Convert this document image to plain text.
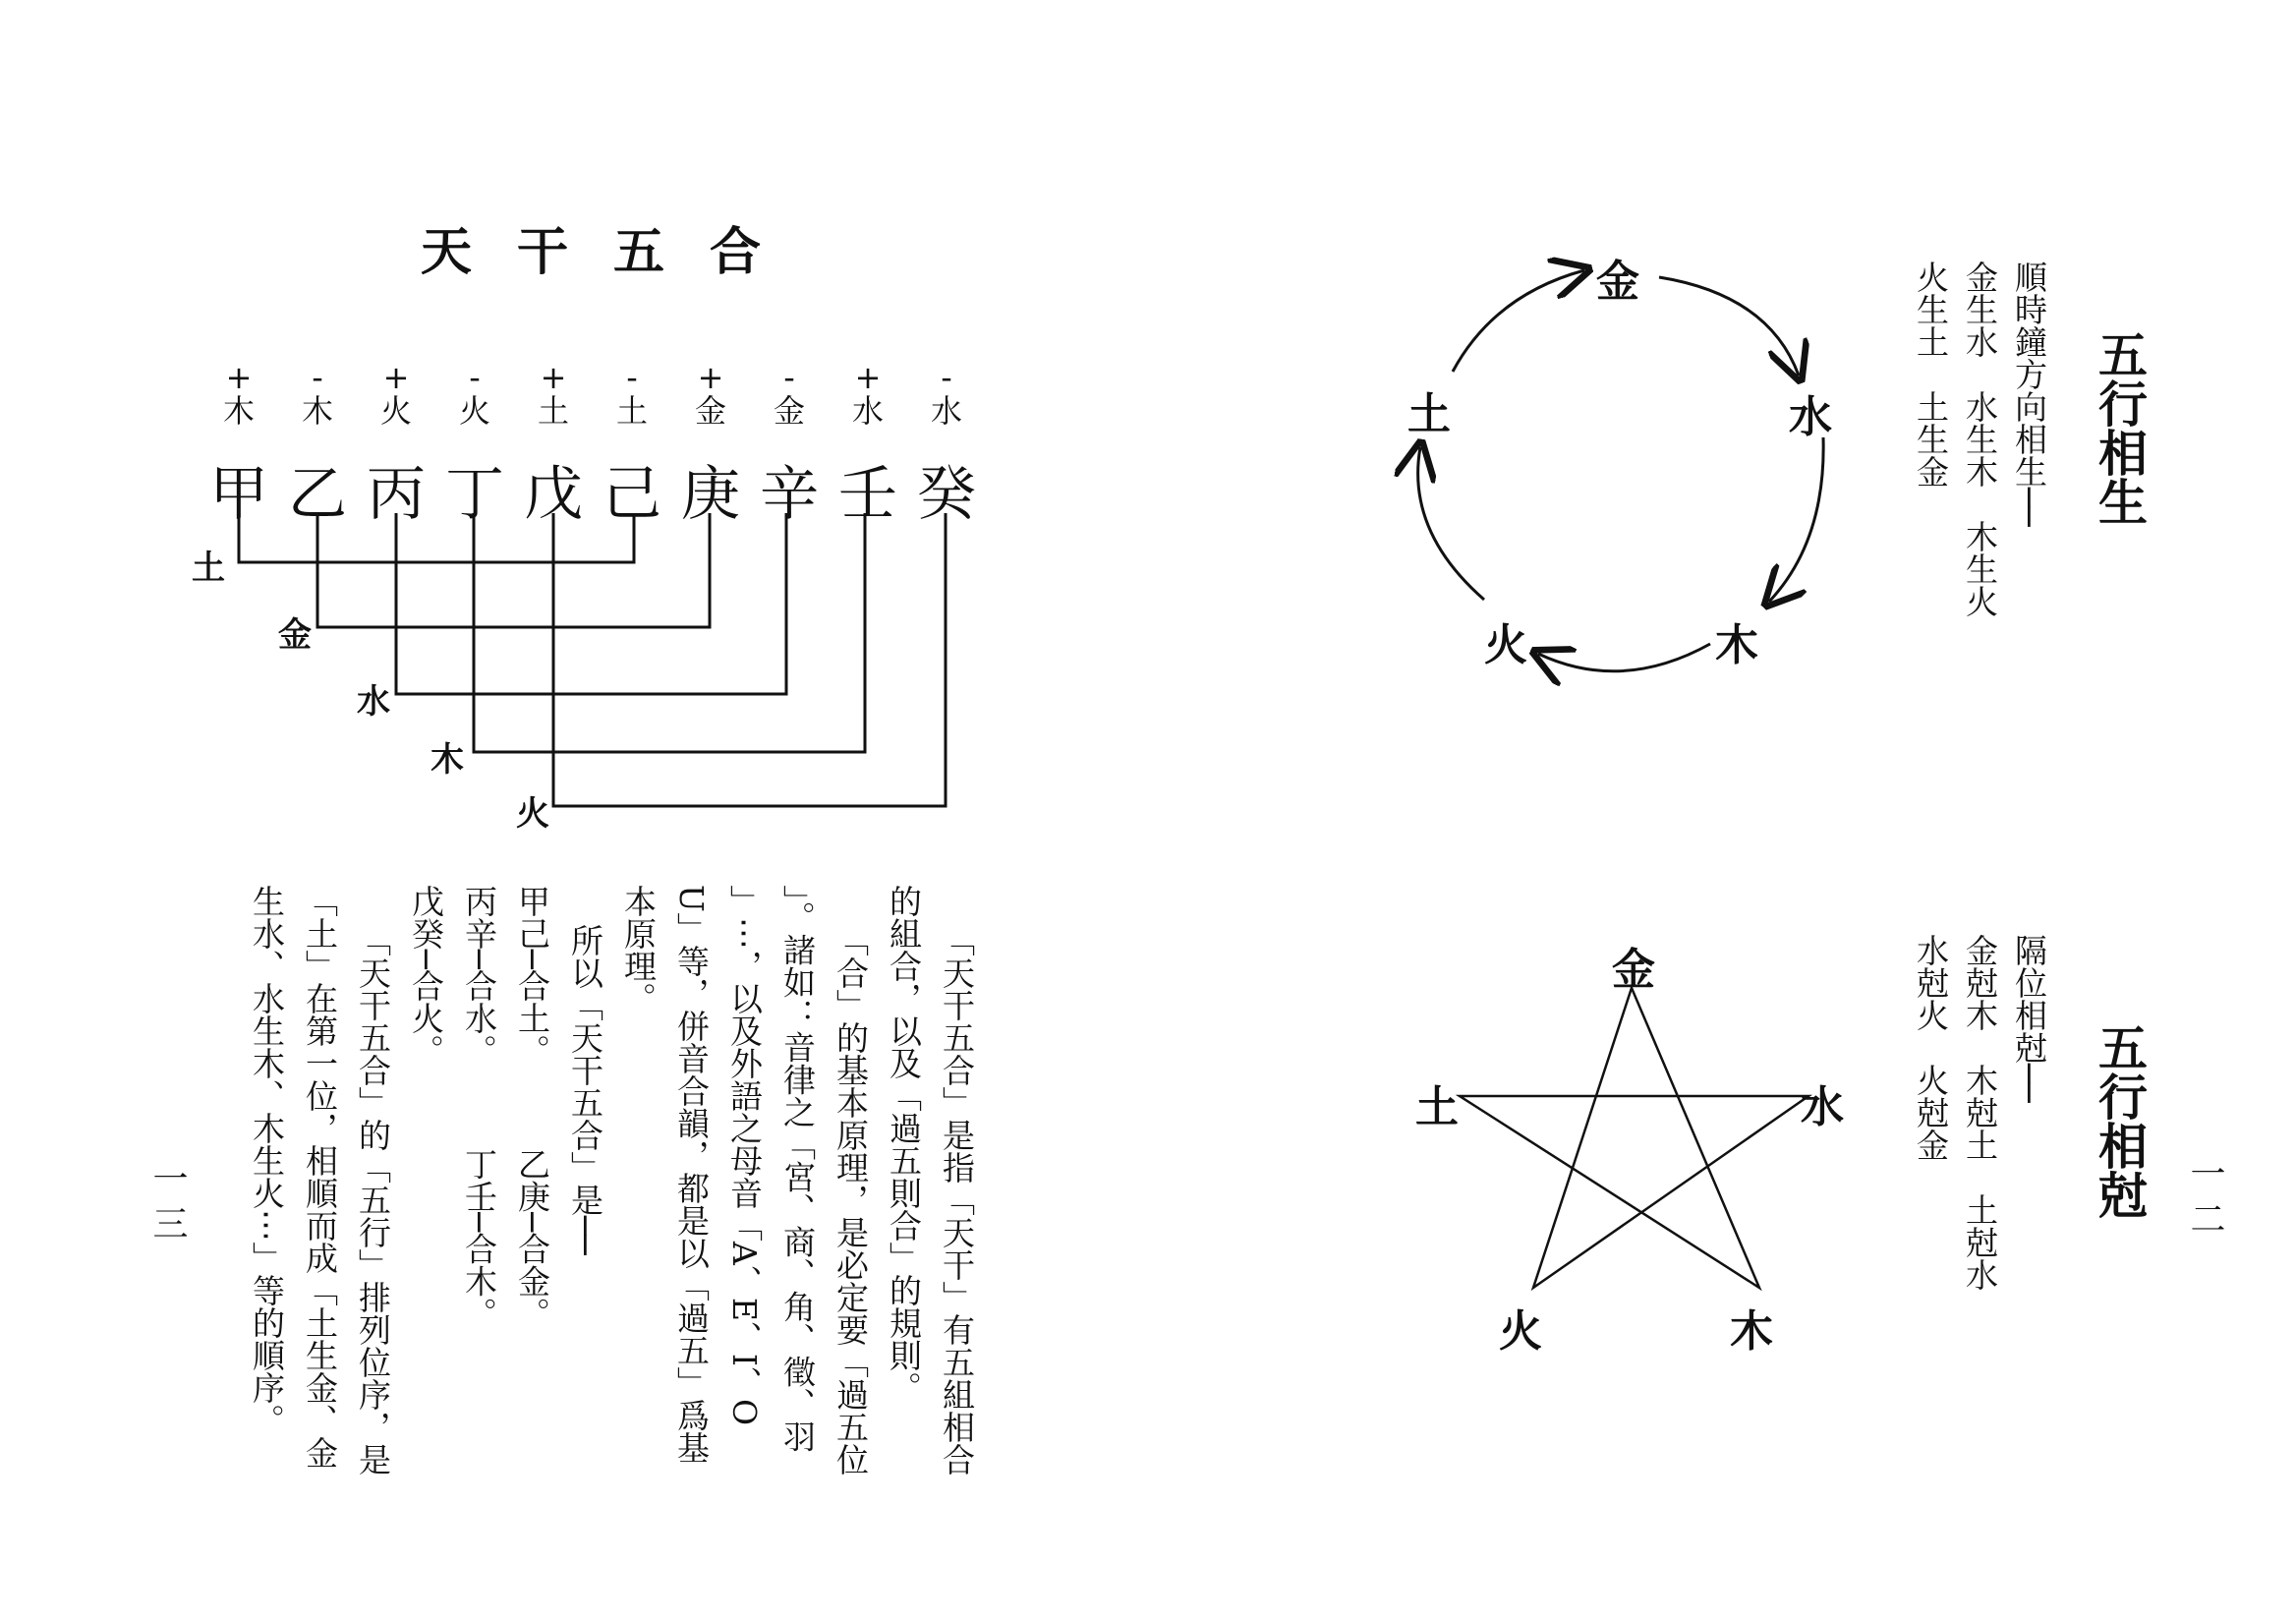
天干五合
+
木
-
木
+
火
-
火
+
土
-
土
+
金
-
金
+
水
-
水
甲 乙 丙 丁 戊 己 庚 辛 壬 癸
土
金
水
木
火
「天干五合」是指「天干」有五組相合
的組合，以及「過五則合」的規則。
「合」的基本原理，是必定要「過五位
」。諸如：音律之「宮、商、角、徵、羽
」⋯，以及外語之母音「A、E、I、O
U」等，併音合韻，都是以「過五」爲基
本原理。
所以「天干五合」是──
甲己─合土。　　　乙庚─合金。
丙辛─合水。　　　丁壬─合木。
戊癸─合火。
「天干五合」的「五行」排列位序，是
「土」在第一位，相順而成「土生金、金
生水、水生木、木生火⋯」等的順序。
一三
五行相生
順時鐘方向相生──
金生水　水生木　木生火
火生土　土生金
金
水
木
火
土
五行相尅
隔位相尅──
金尅木　木尅土　土尅水
水尅火　火尅金
金
水
木
火
土
一二
